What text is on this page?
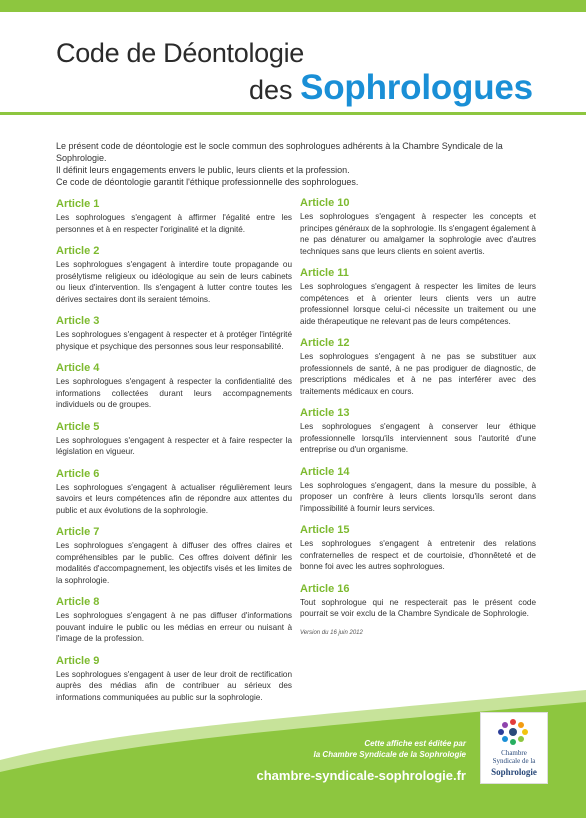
Code de Déontologie
des Sophrologues

Le présent code de déontologie est le socle commun des sophrologues adhérents à la Chambre Syndicale de la Sophrologie.

Il définit leurs engagements envers le public, leurs clients et la profession.

Ce code de déontologie garantit l'éthique professionnelle des sophrologues.

Article 1
Les sophrologues s'engagent à affirmer l'égalité entre les personnes et à en respecter l'originalité et la dignité.
Article 2
Les sophrologues s'engagent à interdire toute propagande ou prosélytisme religieux ou idéologique au sein de leurs cabinets ou lieux d'intervention. Ils s'engagent à lutter contre toutes les dérives sectaires dont ils seraient témoins.
Article 3
Les sophrologues s'engagent à respecter et à protéger l'intégrité physique et psychique des personnes sous leur responsabilité.
Article 4
Les sophrologues s'engagent à respecter la confidentialité des informations collectées durant leurs accompagnements individuels ou de groupes.
Article 5
Les sophrologues s'engagent à respecter et à faire respecter la législation en vigueur.
Article 6
Les sophrologues s'engagent à actualiser régulièrement leurs savoirs et leurs compétences afin de répondre aux attentes du public et aux évolutions de la sophrologie.
Article 7
Les sophrologues s'engagent à diffuser des offres claires et compréhensibles par le public. Ces offres doivent définir les modalités d'accompagnement, les objectifs visés et les limites de la sophrologie.
Article 8
Les sophrologues s'engagent à ne pas diffuser d'informations pouvant induire le public ou les médias en erreur ou nuisant à l'image de la profession.
Article 9
Les sophrologues s'engagent à user de leur droit de rectification auprès des médias afin de contribuer au sérieux des informations communiquées au public sur la sophrologie.
Article 10
Les sophrologues s'engagent à respecter les concepts et principes généraux de la sophrologie. Ils s'engagent également à ne pas dénaturer ou amalgamer la sophrologie avec d'autres techniques sans que leurs clients en soient avertis.
Article 11
Les sophrologues s'engagent à respecter les limites de leurs compétences et à orienter leurs clients vers un autre professionnel lorsque celui-ci nécessite un traitement ou une aide thérapeutique ne relevant pas de leurs compétences.
Article 12
Les sophrologues s'engagent à ne pas se substituer aux professionnels de santé, à ne pas prodiguer de diagnostic, de prescriptions médicales et à ne pas interférer avec des traitements médicaux en cours.
Article 13
Les sophrologues s'engagent à conserver leur éthique professionnelle lorsqu'ils interviennent sous l'autorité d'une entreprise ou d'un organisme.
Article 14
Les sophrologues s'engagent, dans la mesure du possible, à proposer un confrère à leurs clients lorsqu'ils seront dans l'impossibilité à fournir leurs services.
Article 15
Les sophrologues s'engagent à entretenir des relations confraternelles de respect et de courtoisie, d'honnêteté et de bonne foi avec les autres sophrologues.
Article 16
Tout sophrologue qui ne respecterait pas le présent code pourrait se voir exclu de la Chambre Syndicale de Sophrologie.
Version du 16 juin 2012
Cette affiche est éditée par
la Chambre Syndicale de la Sophrologie
chambre-syndicale-sophrologie.fr
Chambre
Syndicale de la
Sophrologie
